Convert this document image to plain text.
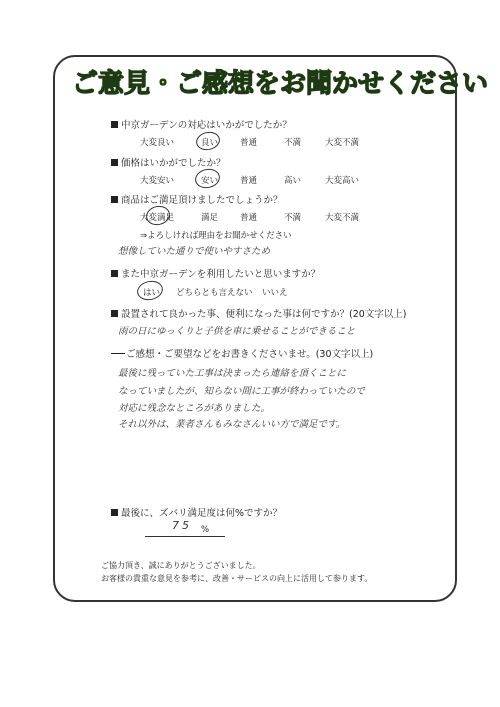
ご意見・ご感想をお聞かせください
中京ガーデンの対応はいかがでしたか？
大変良い	良い	普通	不満	大変不満
価格はいかがでしたか？
大変安い	安い	普通	高い	大変高い
商品はご満足頂けましたでしょうか？
大変満足	満足	普通	不満	大変不満
⇒よろしければ理由をお聞かせください
想像していた通りで使いやすさため
また中京ガーデンを利用したいと思いますか？
はい どちらとも言えない いいえ
設置されて良かった事、便利になった事は何ですか？(20文字以上)
雨の日にゆっくりと子供を車に乗せることができること
ご感想・ご要望などをお書きくださいませ。(30文字以上)
最後に残っていた工事は決まったら連絡を頂くことに
なっていましたが、知らない間に工事が終わっていたので
対応に残念なところがありました。
それ以外は、業者さんもみなさんいい方で満足です。
最後に、ズバリ満足度は何%ですか？
75 %
ご協力頂き、誠にありがとうございました。
お客様の貴重な意見を参考に、改善・サービスの向上に活用して参ります。
